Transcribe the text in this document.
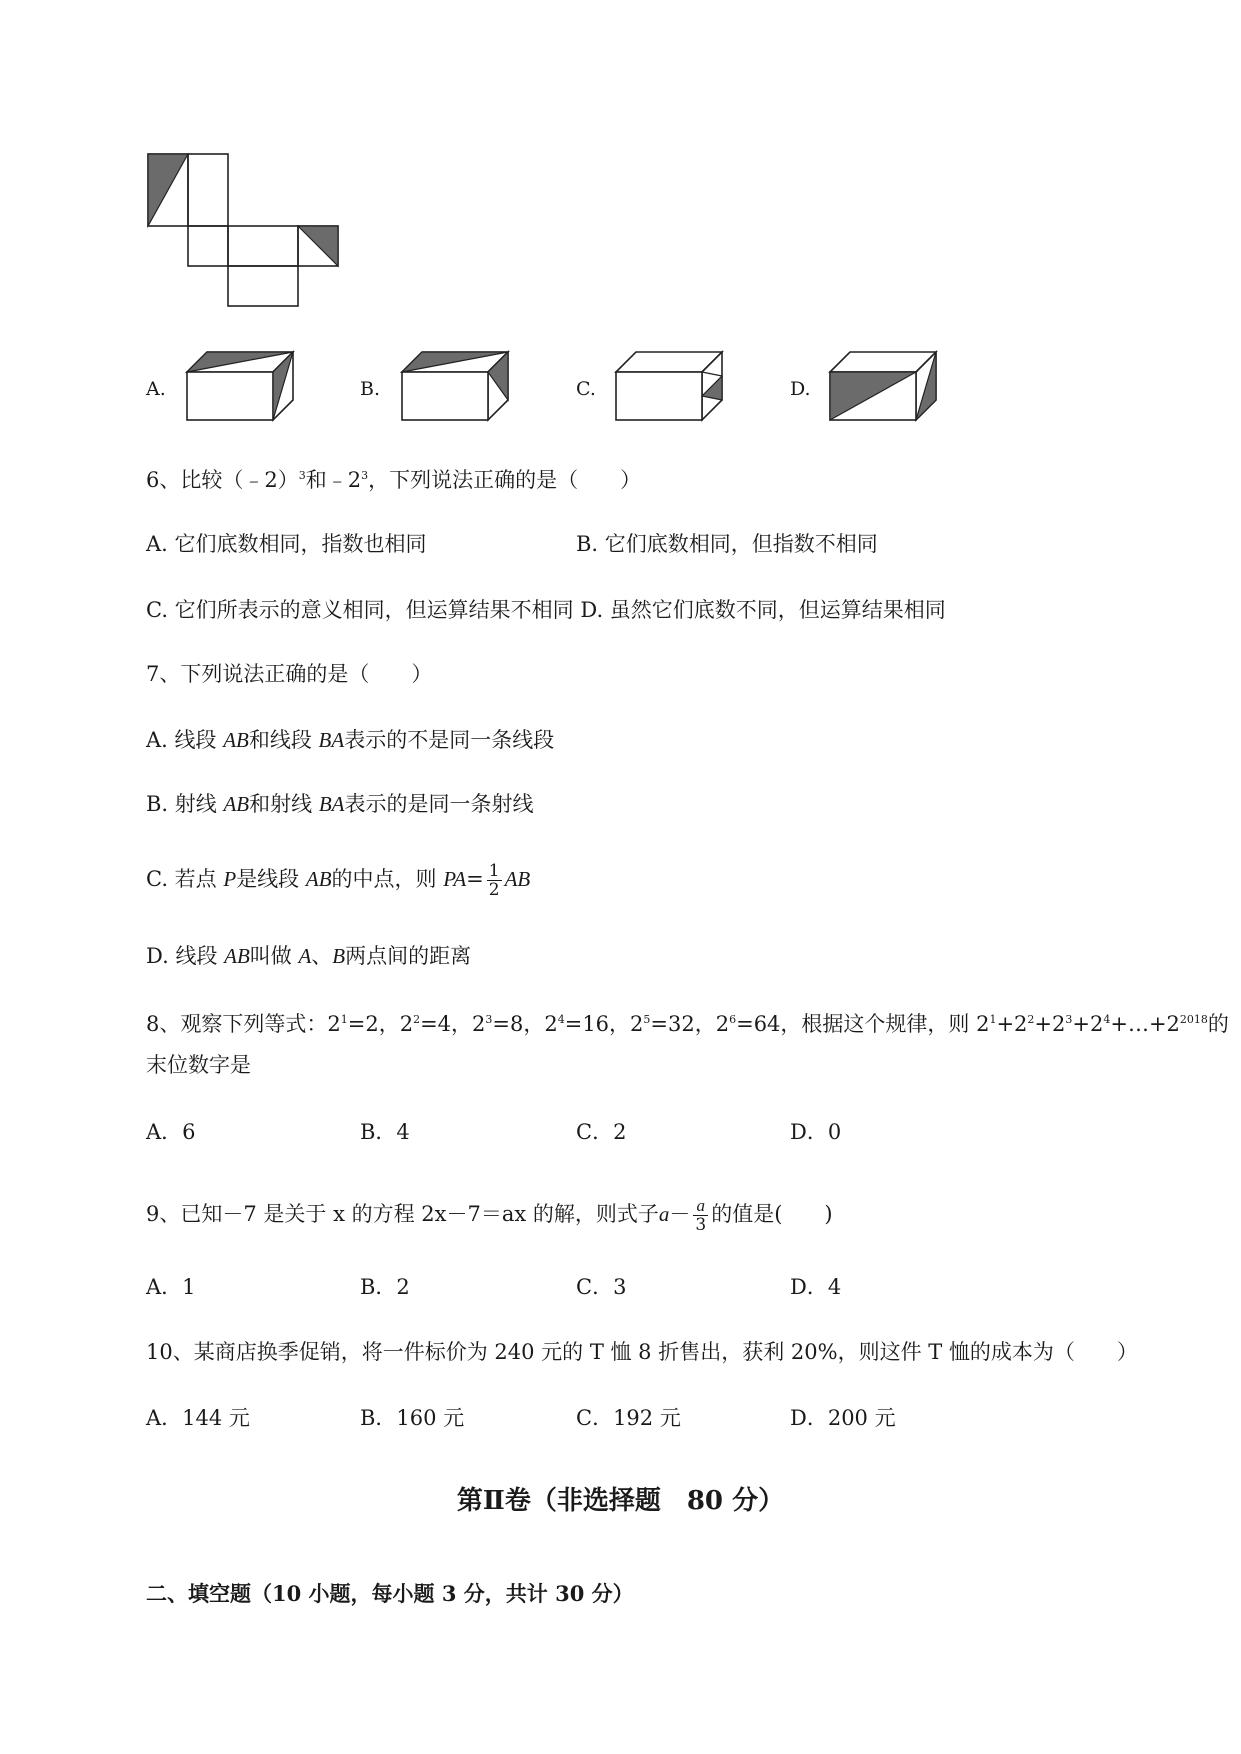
A.	B.	C.	D.
6、比较（﹣2）$^3$和$﹣2^3$，下列说法正确的是（　　）
A. 它们底数相同，指数也相同	B. 它们底数相同，但指数不相同
C. 它们所表示的意义相同，但运算结果不相同 D. 虽然它们底数不同，但运算结果相同
7、下列说法正确的是（　　）
A. 线段 AB和线段 BA表示的不是同一条线段
B. 射线 AB和射线 BA表示的是同一条射线
C. 若点 P是线段 AB的中点，则 $PA= \frac{1}{2}$ AB
D. 线段 AB叫做 A、B两点间的距离
8、观察下列等式：$2^1=2$，$2^2=4$，$2^3=8$，$2^4=16$，$2^5=32$，$2^6=64$，根据这个规律，则 $2^1+2^2+2^3+2^4+\dots+2^{2018}$的
末位数字是
A．6	B．4	C．2	D．0
9、已知－7 是关于 x 的方程 2x－7＝ax 的解，则式子$a- \frac{a}{3}$ 的值是(　　)
A．1	B．2	C．3	D．4
10、某商店换季促销，将一件标价为 240 元的 T 恤 8 折售出，获利 20%，则这件 T 恤的成本为（　　）
A．144 元	B．160 元	C．192 元	D．200 元
第Ⅱ卷（非选择题　80 分）
二、填空题（10 小题，每小题 3 分，共计 30 分）
